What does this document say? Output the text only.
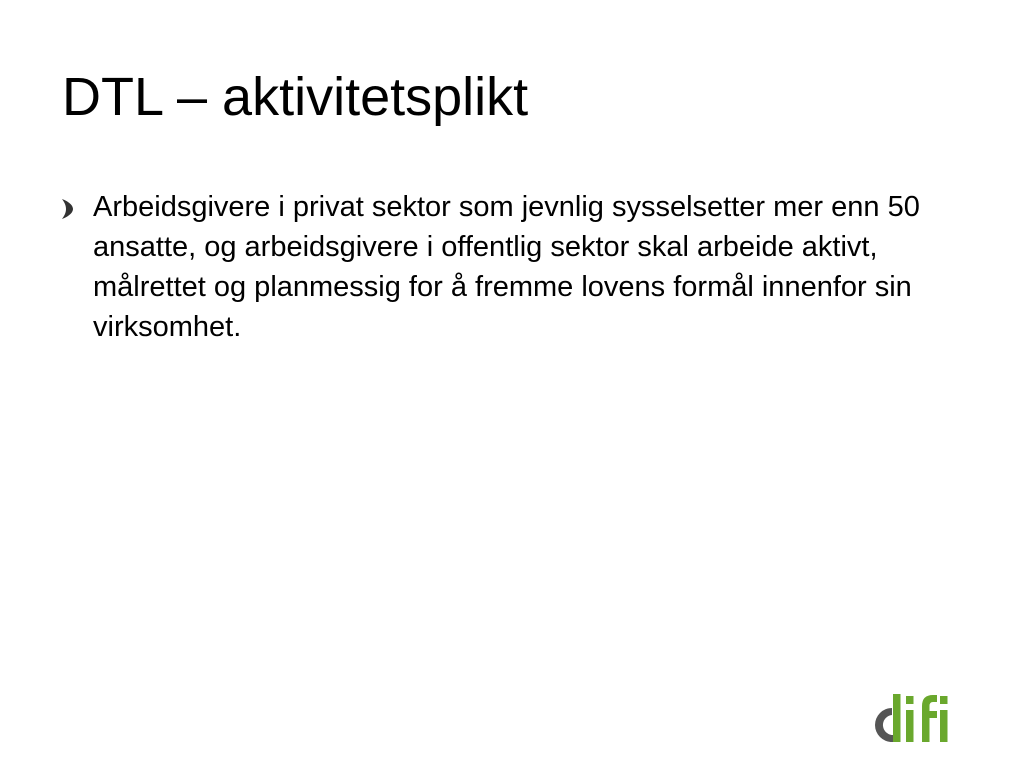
DTL – aktivitetsplikt
Arbeidsgivere i privat sektor som jevnlig sysselsetter mer enn 50 ansatte, og arbeidsgivere i offentlig sektor skal arbeide aktivt, målrettet og planmessig for å fremme lovens formål innenfor sin virksomhet.
